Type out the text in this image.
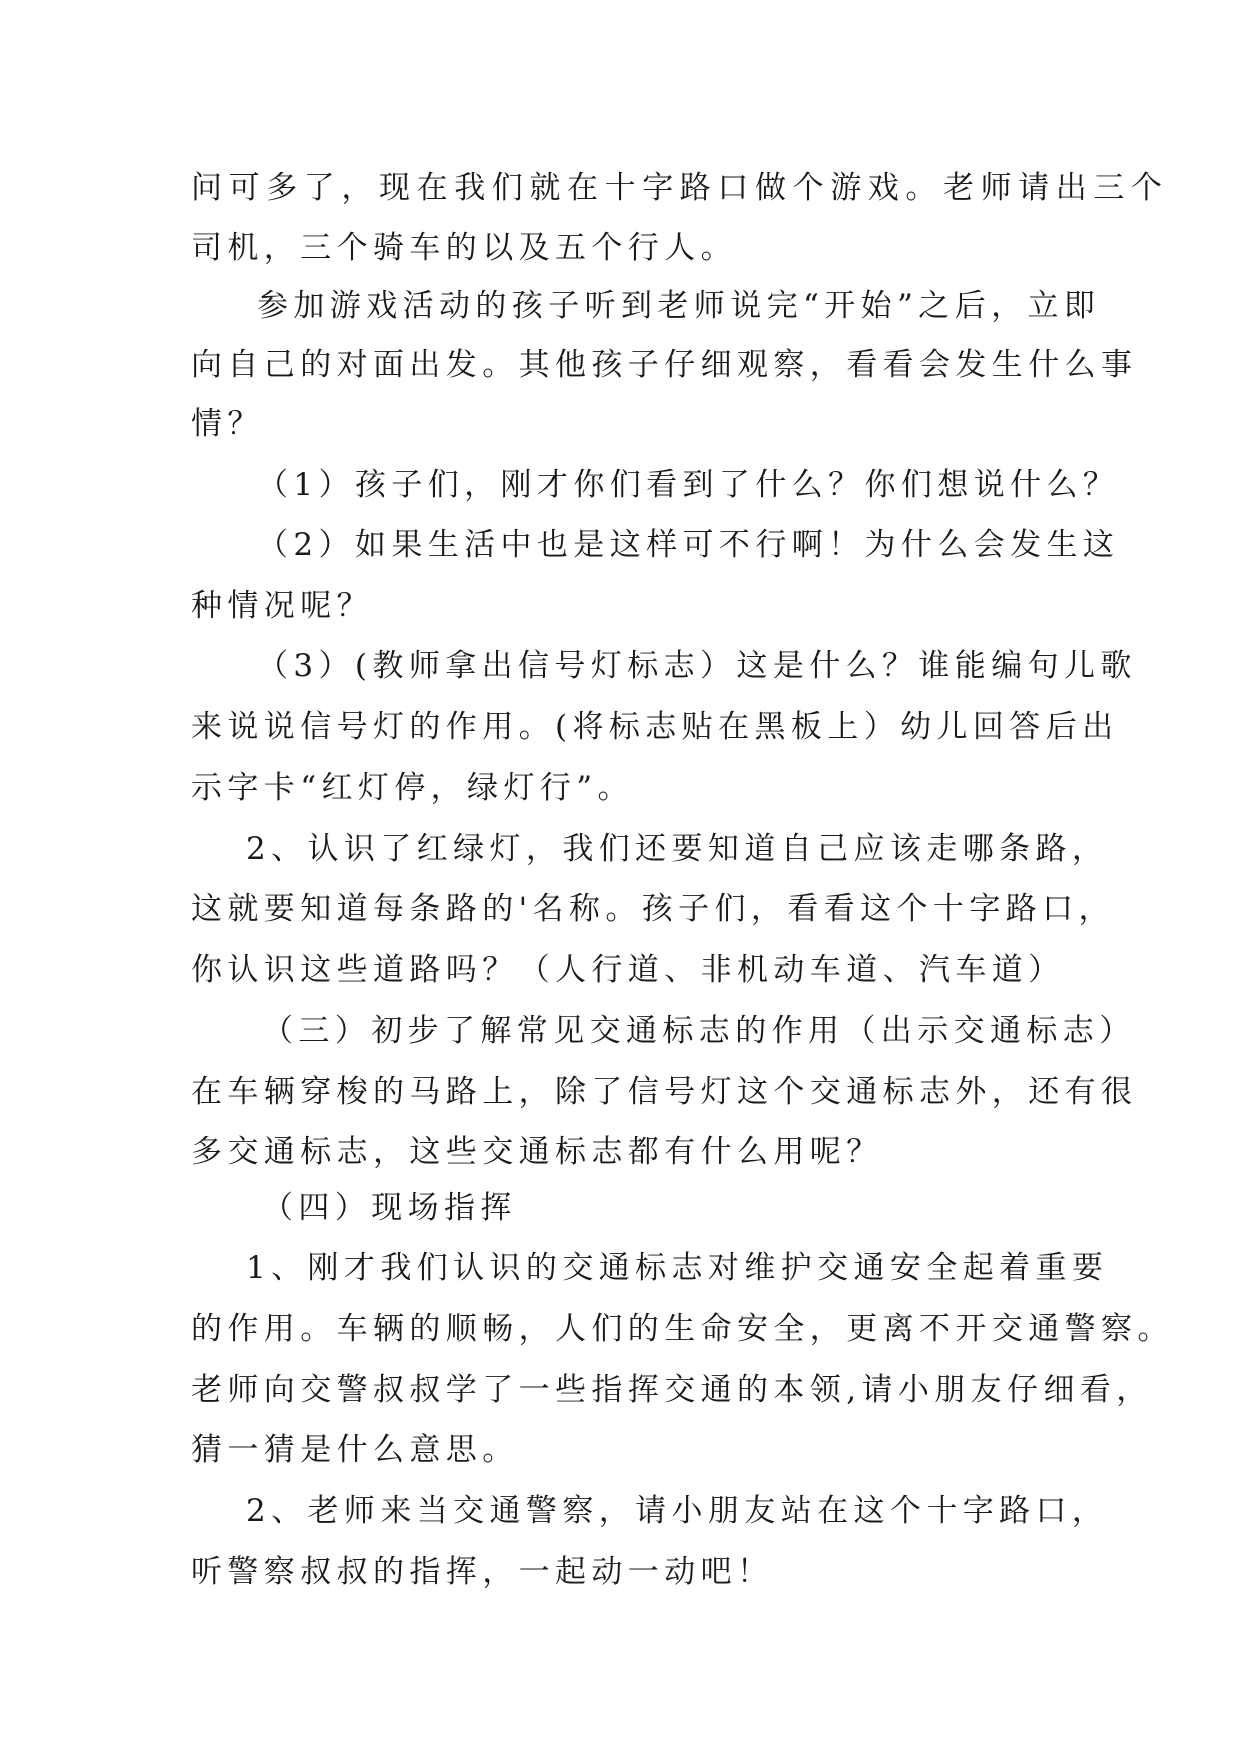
问可多了，现在我们就在十字路口做个游戏。老师请出三个
司机，三个骑车的以及五个行人。
参加游戏活动的孩子听到老师说完“开始”之后，立即
向自己的对面出发。其他孩子仔细观察，看看会发生什么事
情？
（1）孩子们，刚才你们看到了什么？你们想说什么？
（2）如果生活中也是这样可不行啊！为什么会发生这
种情况呢？
（3）(教师拿出信号灯标志）这是什么？谁能编句儿歌
来说说信号灯的作用。(将标志贴在黑板上）幼儿回答后出
示字卡“红灯停，绿灯行”。
2、认识了红绿灯，我们还要知道自己应该走哪条路，
这就要知道每条路的'名称。孩子们，看看这个十字路口，
你认识这些道路吗？（人行道、非机动车道、汽车道）
（三）初步了解常见交通标志的作用（出示交通标志）
在车辆穿梭的马路上，除了信号灯这个交通标志外，还有很
多交通标志，这些交通标志都有什么用呢？
（四）现场指挥
1、刚才我们认识的交通标志对维护交通安全起着重要
的作用。车辆的顺畅，人们的生命安全，更离不开交通警察。
老师向交警叔叔学了一些指挥交通的本领,请小朋友仔细看，
猜一猜是什么意思。
2、老师来当交通警察，请小朋友站在这个十字路口，
听警察叔叔的指挥，一起动一动吧！
